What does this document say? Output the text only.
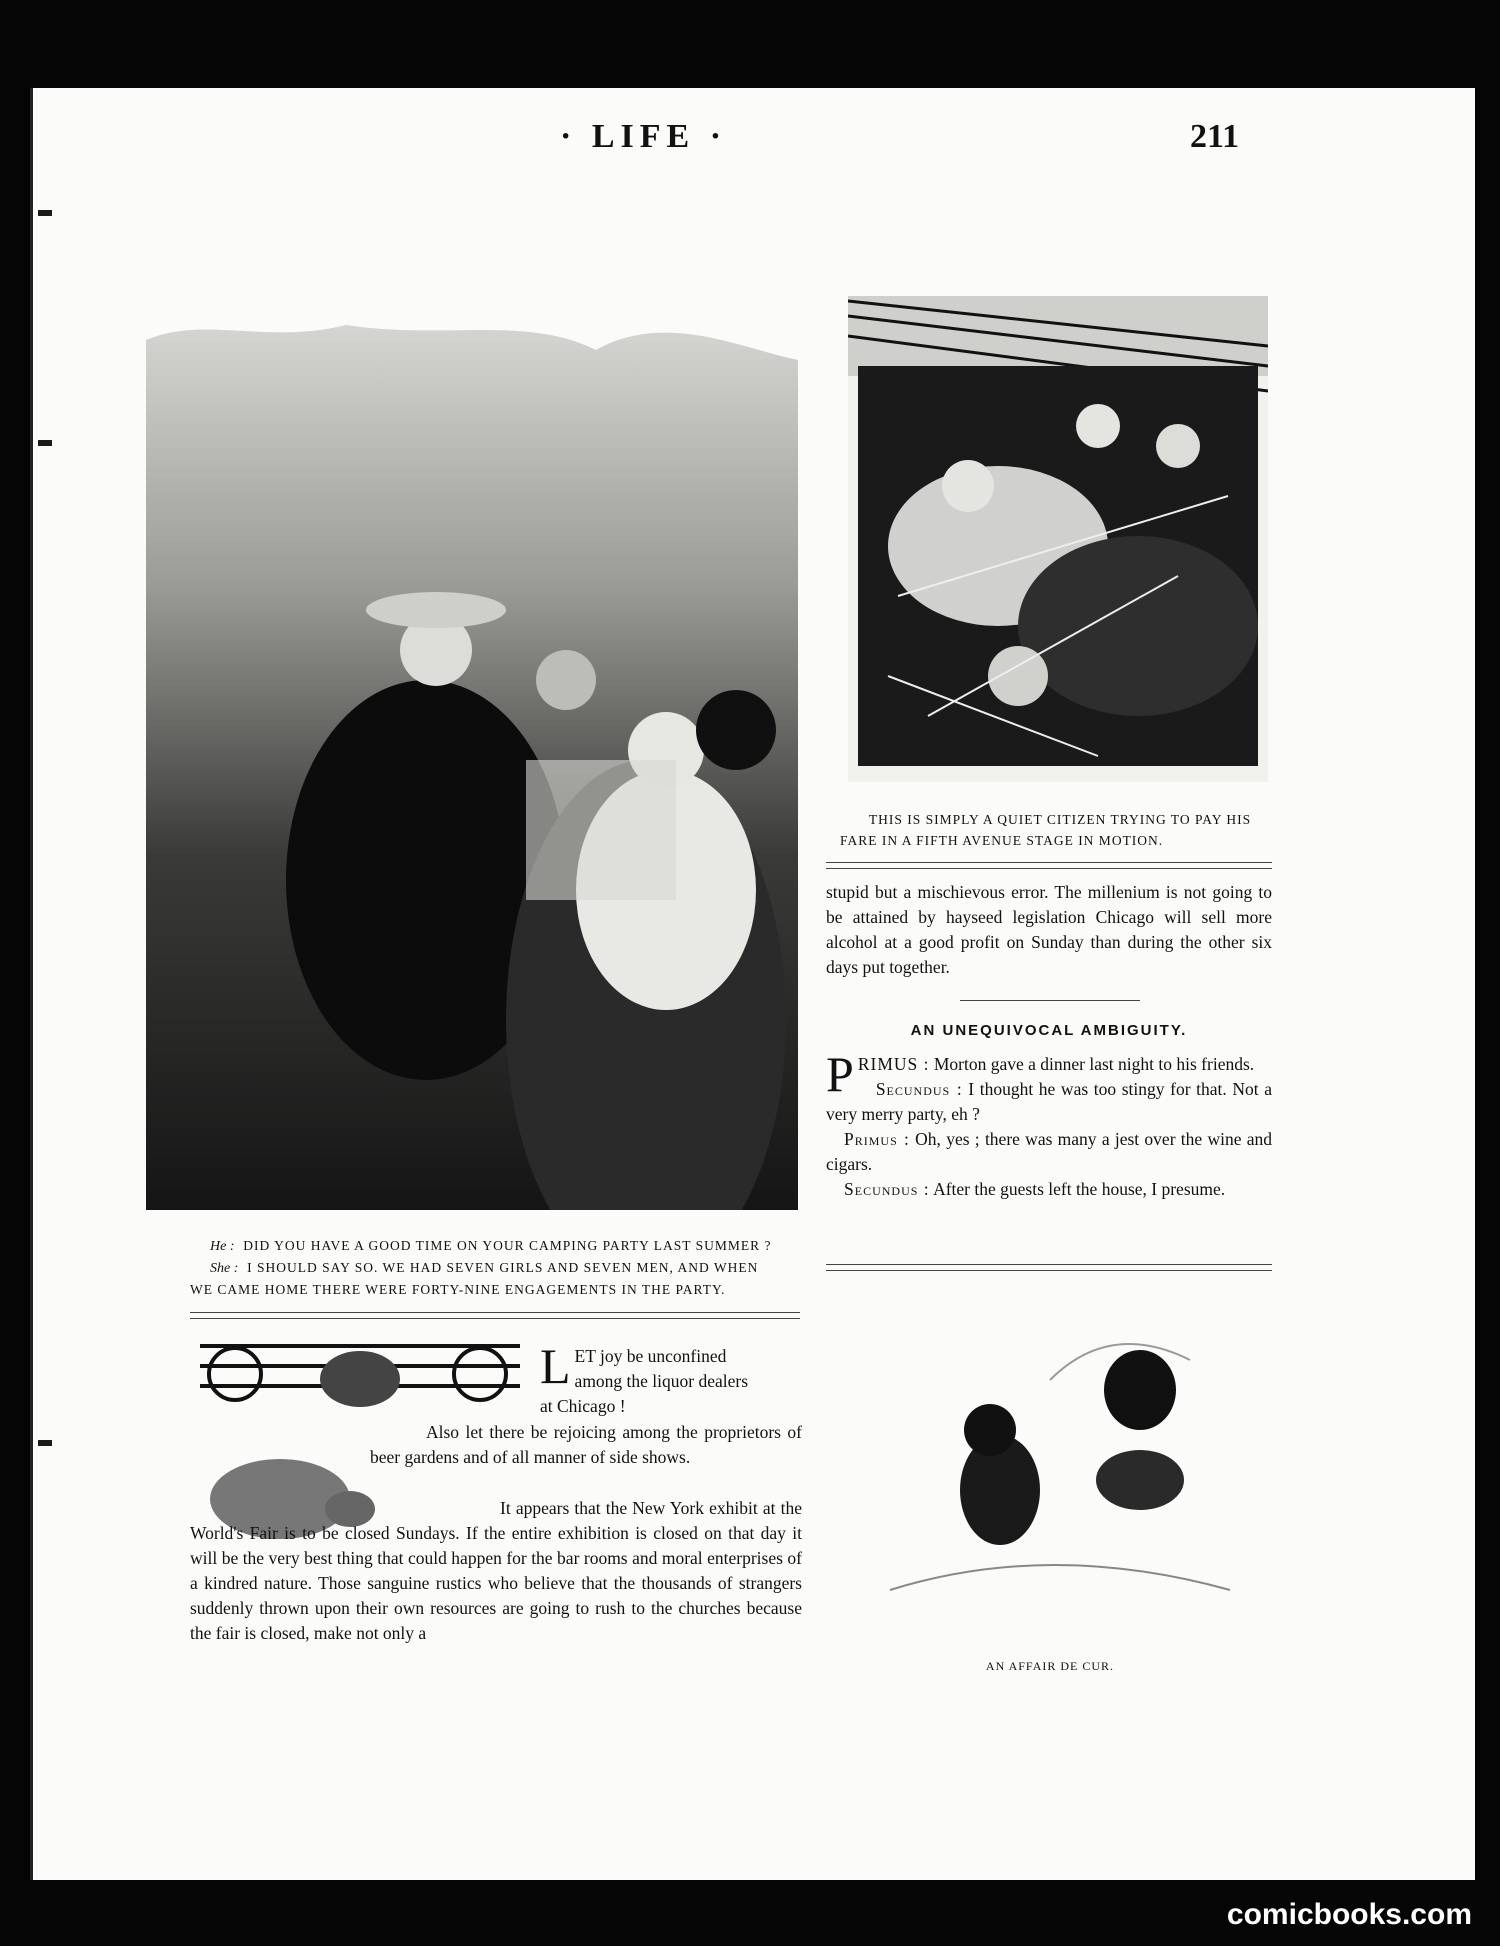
· LIFE ·	211
He : DID YOU HAVE A GOOD TIME ON YOUR CAMPING PARTY LAST SUMMER ?
She : I SHOULD SAY SO. WE HAD SEVEN GIRLS AND SEVEN MEN, AND WHEN
WE CAME HOME THERE WERE FORTY-NINE ENGAGEMENTS IN THE PARTY.
THIS IS SIMPLY A QUIET CITIZEN TRYING TO PAY HIS
FARE IN A FIFTH AVENUE STAGE IN MOTION.
stupid but a mischievous error. The millenium is not going to be attained by hayseed legislation Chicago will sell more alcohol at a good profit on Sunday than during the other six days put together.
AN UNEQUIVOCAL AMBIGUITY.

PRIMUS : Morton gave a dinner last night to his friends.

Secundus : I thought he was too stingy for that. Not a very merry party, eh ?

Primus : Oh, yes ; there was many a jest over the wine and cigars.

Secundus : After the guests left the house, I presume.

LET joy be unconfined

among the liquor dealers

at Chicago !

Also let there be rejoicing among the proprietors of beer gardens and of all manner of side shows.
It appears that the New York exhibit at the World's Fair is to be closed Sundays. If the entire exhibition is closed on that day it will be the very best thing that could happen for the bar rooms and moral enterprises of a kindred nature. Those sanguine rustics who believe that the thousands of strangers suddenly thrown upon their own resources are going to rush to the churches because the fair is closed, make not only a
AN AFFAIR DE CUR.
comicbooks.com
